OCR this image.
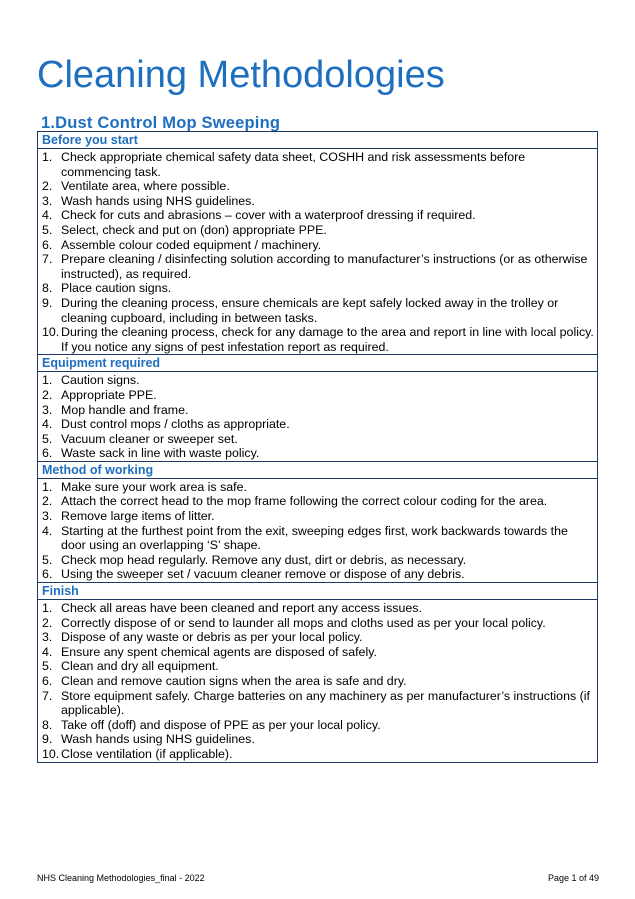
Cleaning Methodologies
1.Dust Control Mop Sweeping
Before you start
1. Check appropriate chemical safety data sheet, COSHH and risk assessments before commencing task.
2. Ventilate area, where possible.
3. Wash hands using NHS guidelines.
4. Check for cuts and abrasions – cover with a waterproof dressing if required.
5. Select, check and put on (don) appropriate PPE.
6. Assemble colour coded equipment / machinery.
7. Prepare cleaning / disinfecting solution according to manufacturer’s instructions (or as otherwise instructed), as required.
8. Place caution signs.
9. During the cleaning process, ensure chemicals are kept safely locked away in the trolley or cleaning cupboard, including in between tasks.
10. During the cleaning process, check for any damage to the area and report in line with local policy. If you notice any signs of pest infestation report as required.
Equipment required
1. Caution signs.
2. Appropriate PPE.
3. Mop handle and frame.
4. Dust control mops / cloths as appropriate.
5. Vacuum cleaner or sweeper set.
6. Waste sack in line with waste policy.
Method of working
1. Make sure your work area is safe.
2. Attach the correct head to the mop frame following the correct colour coding for the area.
3. Remove large items of litter.
4. Starting at the furthest point from the exit, sweeping edges first, work backwards towards the door using an overlapping ‘S’ shape.
5. Check mop head regularly. Remove any dust, dirt or debris, as necessary.
6. Using the sweeper set / vacuum cleaner remove or dispose of any debris.
Finish
1. Check all areas have been cleaned and report any access issues.
2. Correctly dispose of or send to launder all mops and cloths used as per your local policy.
3. Dispose of any waste or debris as per your local policy.
4. Ensure any spent chemical agents are disposed of safely.
5. Clean and dry all equipment.
6. Clean and remove caution signs when the area is safe and dry.
7. Store equipment safely. Charge batteries on any machinery as per manufacturer’s instructions (if applicable).
8. Take off (doff) and dispose of PPE as per your local policy.
9. Wash hands using NHS guidelines.
10. Close ventilation (if applicable).
NHS Cleaning Methodologies_final - 2022	Page 1 of 49
